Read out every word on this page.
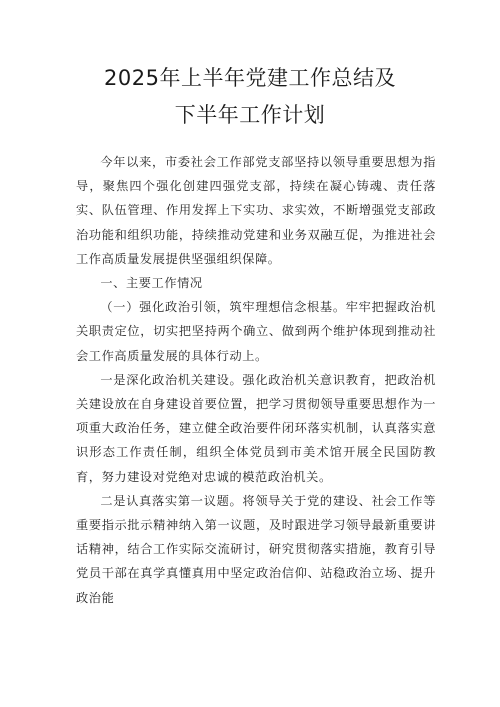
2025年上半年党建工作总结及
下半年工作计划

今年以来，市委社会工作部党支部坚持以领导重要思想为指导，聚焦四个强化创建四强党支部，持续在凝心铸魂、责任落实、队伍管理、作用发挥上下实功、求实效，不断增强党支部政治功能和组织功能，持续推动党建和业务双融互促，为推进社会工作高质量发展提供坚强组织保障。

一、主要工作情况

（一）强化政治引领，筑牢理想信念根基。牢牢把握政治机关职责定位，切实把坚持两个确立、做到两个维护体现到推动社会工作高质量发展的具体行动上。

一是深化政治机关建设。强化政治机关意识教育，把政治机关建设放在自身建设首要位置，把学习贯彻领导重要思想作为一项重大政治任务，建立健全政治要件闭环落实机制，认真落实意识形态工作责任制，组织全体党员到市美术馆开展全民国防教育，努力建设对党绝对忠诚的模范政治机关。

二是认真落实第一议题。将领导关于党的建设、社会工作等重要指示批示精神纳入第一议题，及时跟进学习领导最新重要讲话精神，结合工作实际交流研讨，研究贯彻落实措施，教育引导党员干部在真学真懂真用中坚定政治信仰、站稳政治立场、提升政治能
